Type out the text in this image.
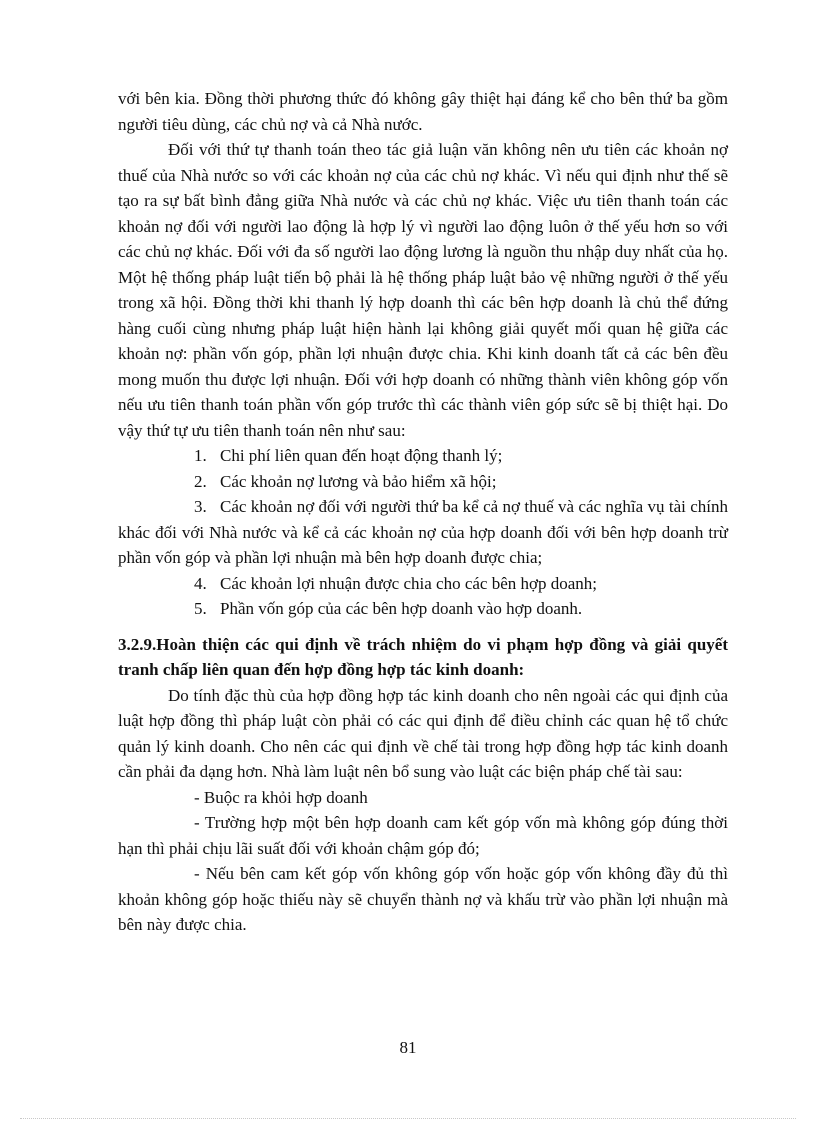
với bên kia. Đồng thời phương thức đó không gây thiệt hại đáng kể cho bên thứ ba gồm người tiêu dùng, các chủ nợ và cả Nhà nước.

Đối với thứ tự thanh toán theo tác giả luận văn không nên ưu tiên các khoản nợ thuế của Nhà nước so với các khoản nợ của các chủ nợ khác. Vì nếu qui định như thế sẽ tạo ra sự bất bình đẳng giữa Nhà nước và các chủ nợ khác. Việc ưu tiên thanh toán các khoản nợ đối với người lao động là hợp lý vì người lao động luôn ở thế yếu hơn so với các chủ nợ khác. Đối với đa số người lao động lương là nguồn thu nhập duy nhất của họ. Một hệ thống pháp luật tiến bộ phải là hệ thống pháp luật bảo vệ những người ở thế yếu trong xã hội. Đồng thời khi thanh lý hợp doanh thì các bên hợp doanh là chủ thể đứng hàng cuối cùng nhưng pháp luật hiện hành lại không giải quyết mối quan hệ giữa các khoản nợ: phần vốn góp, phần lợi nhuận được chia. Khi kinh doanh tất cả các bên đều mong muốn thu được lợi nhuận. Đối với hợp doanh có những thành viên không góp vốn nếu ưu tiên thanh toán phần vốn góp trước thì các thành viên góp sức sẽ bị thiệt hại. Do vậy thứ tự ưu tiên thanh toán nên như sau:

1. Chi phí liên quan đến hoạt động thanh lý;
2. Các khoản nợ lương và bảo hiểm xã hội;

3. Các khoản nợ đối với người thứ ba kể cả nợ thuế và các nghĩa vụ tài chính khác đối với Nhà nước và kể cả các khoản nợ của hợp doanh đối với bên hợp doanh trừ phần vốn góp và phần lợi nhuận mà bên hợp doanh được chia;

4. Các khoản lợi nhuận được chia cho các bên hợp doanh;
5. Phần vốn góp của các bên hợp doanh vào hợp doanh.

3.2.9.Hoàn thiện các qui định về trách nhiệm do vi phạm hợp đồng và giải quyết tranh chấp liên quan đến hợp đồng hợp tác kinh doanh:

Do tính đặc thù của hợp đồng hợp tác kinh doanh cho nên ngoài các qui định của luật hợp đồng thì pháp luật còn phải có các qui định để điều chỉnh các quan hệ tổ chức quản lý kinh doanh. Cho nên các qui định về chế tài trong hợp đồng hợp tác kinh doanh cần phải đa dạng hơn. Nhà làm luật nên bổ sung vào luật các biện pháp chế tài sau:

- Buộc ra khỏi hợp doanh

- Trường hợp một bên hợp doanh cam kết góp vốn mà không góp đúng thời hạn thì phải chịu lãi suất đối với khoản chậm góp đó;

- Nếu bên cam kết góp vốn không góp vốn hoặc góp vốn không đầy đủ thì khoản không góp hoặc thiếu này sẽ chuyển thành nợ và khấu trừ vào phần lợi nhuận mà bên này được chia.

81
